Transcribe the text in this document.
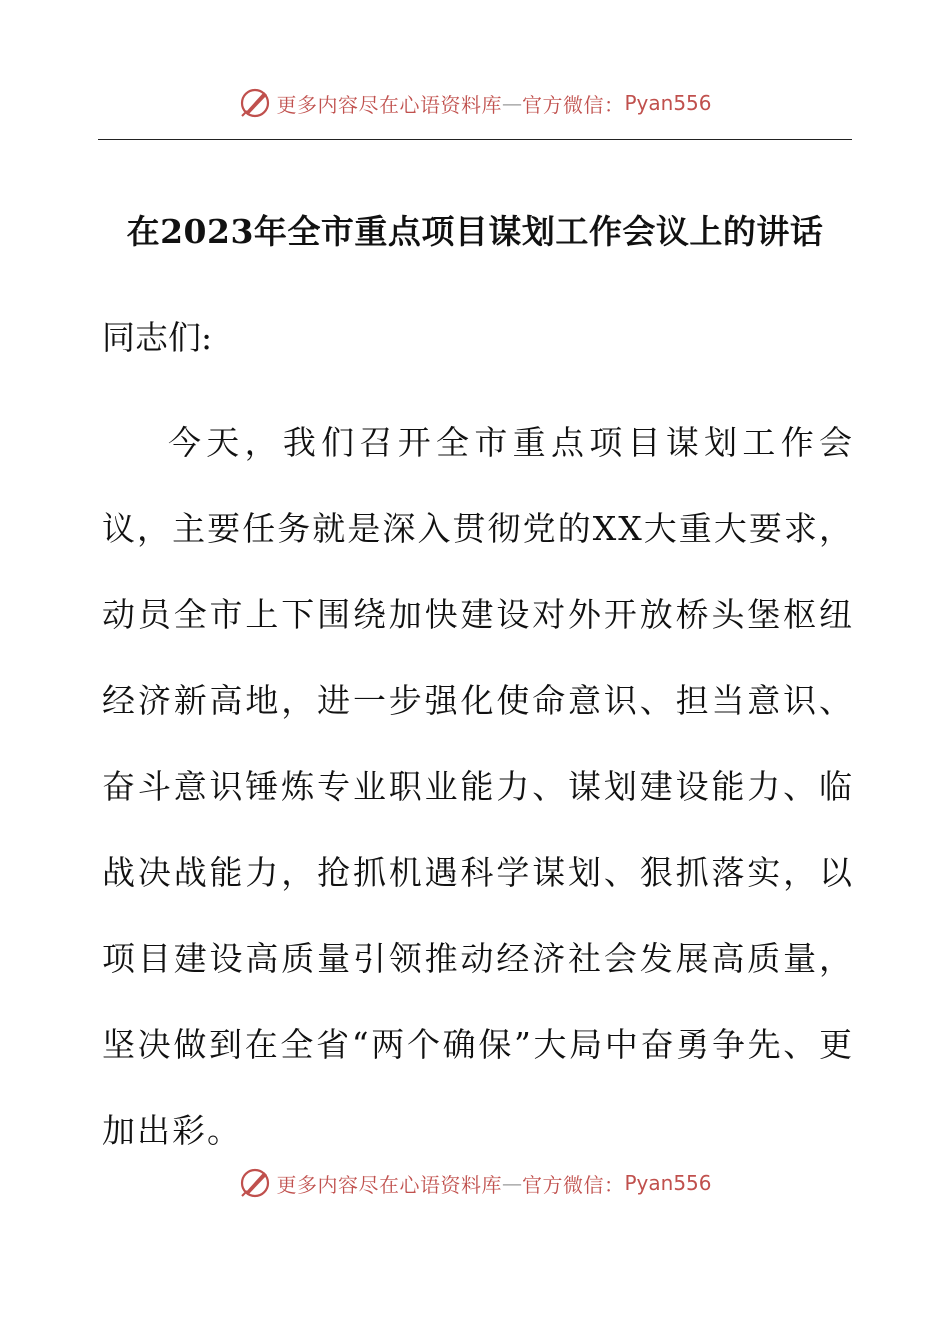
更多内容尽在心语资料库 — 官方微信： Pyan556
在2023年全市重点项目谋划工作会议上的讲话

同志们:

今天，我们召开全市重点项目谋划工作会议，主要任务就是深入贯彻党的XX大重大要求，动员全市上下围绕加快建设对外开放桥头堡枢纽经济新高地，进一步强化使命意识、担当意识、奋斗意识锤炼专业职业能力、谋划建设能力、临战决战能力，抢抓机遇科学谋划、狠抓落实，以项目建设高质量引领推动经济社会发展高质量，坚决做到在全省“两个确保”大局中奋勇争先、更加出彩。

更多内容尽在心语资料库 — 官方微信： Pyan556
